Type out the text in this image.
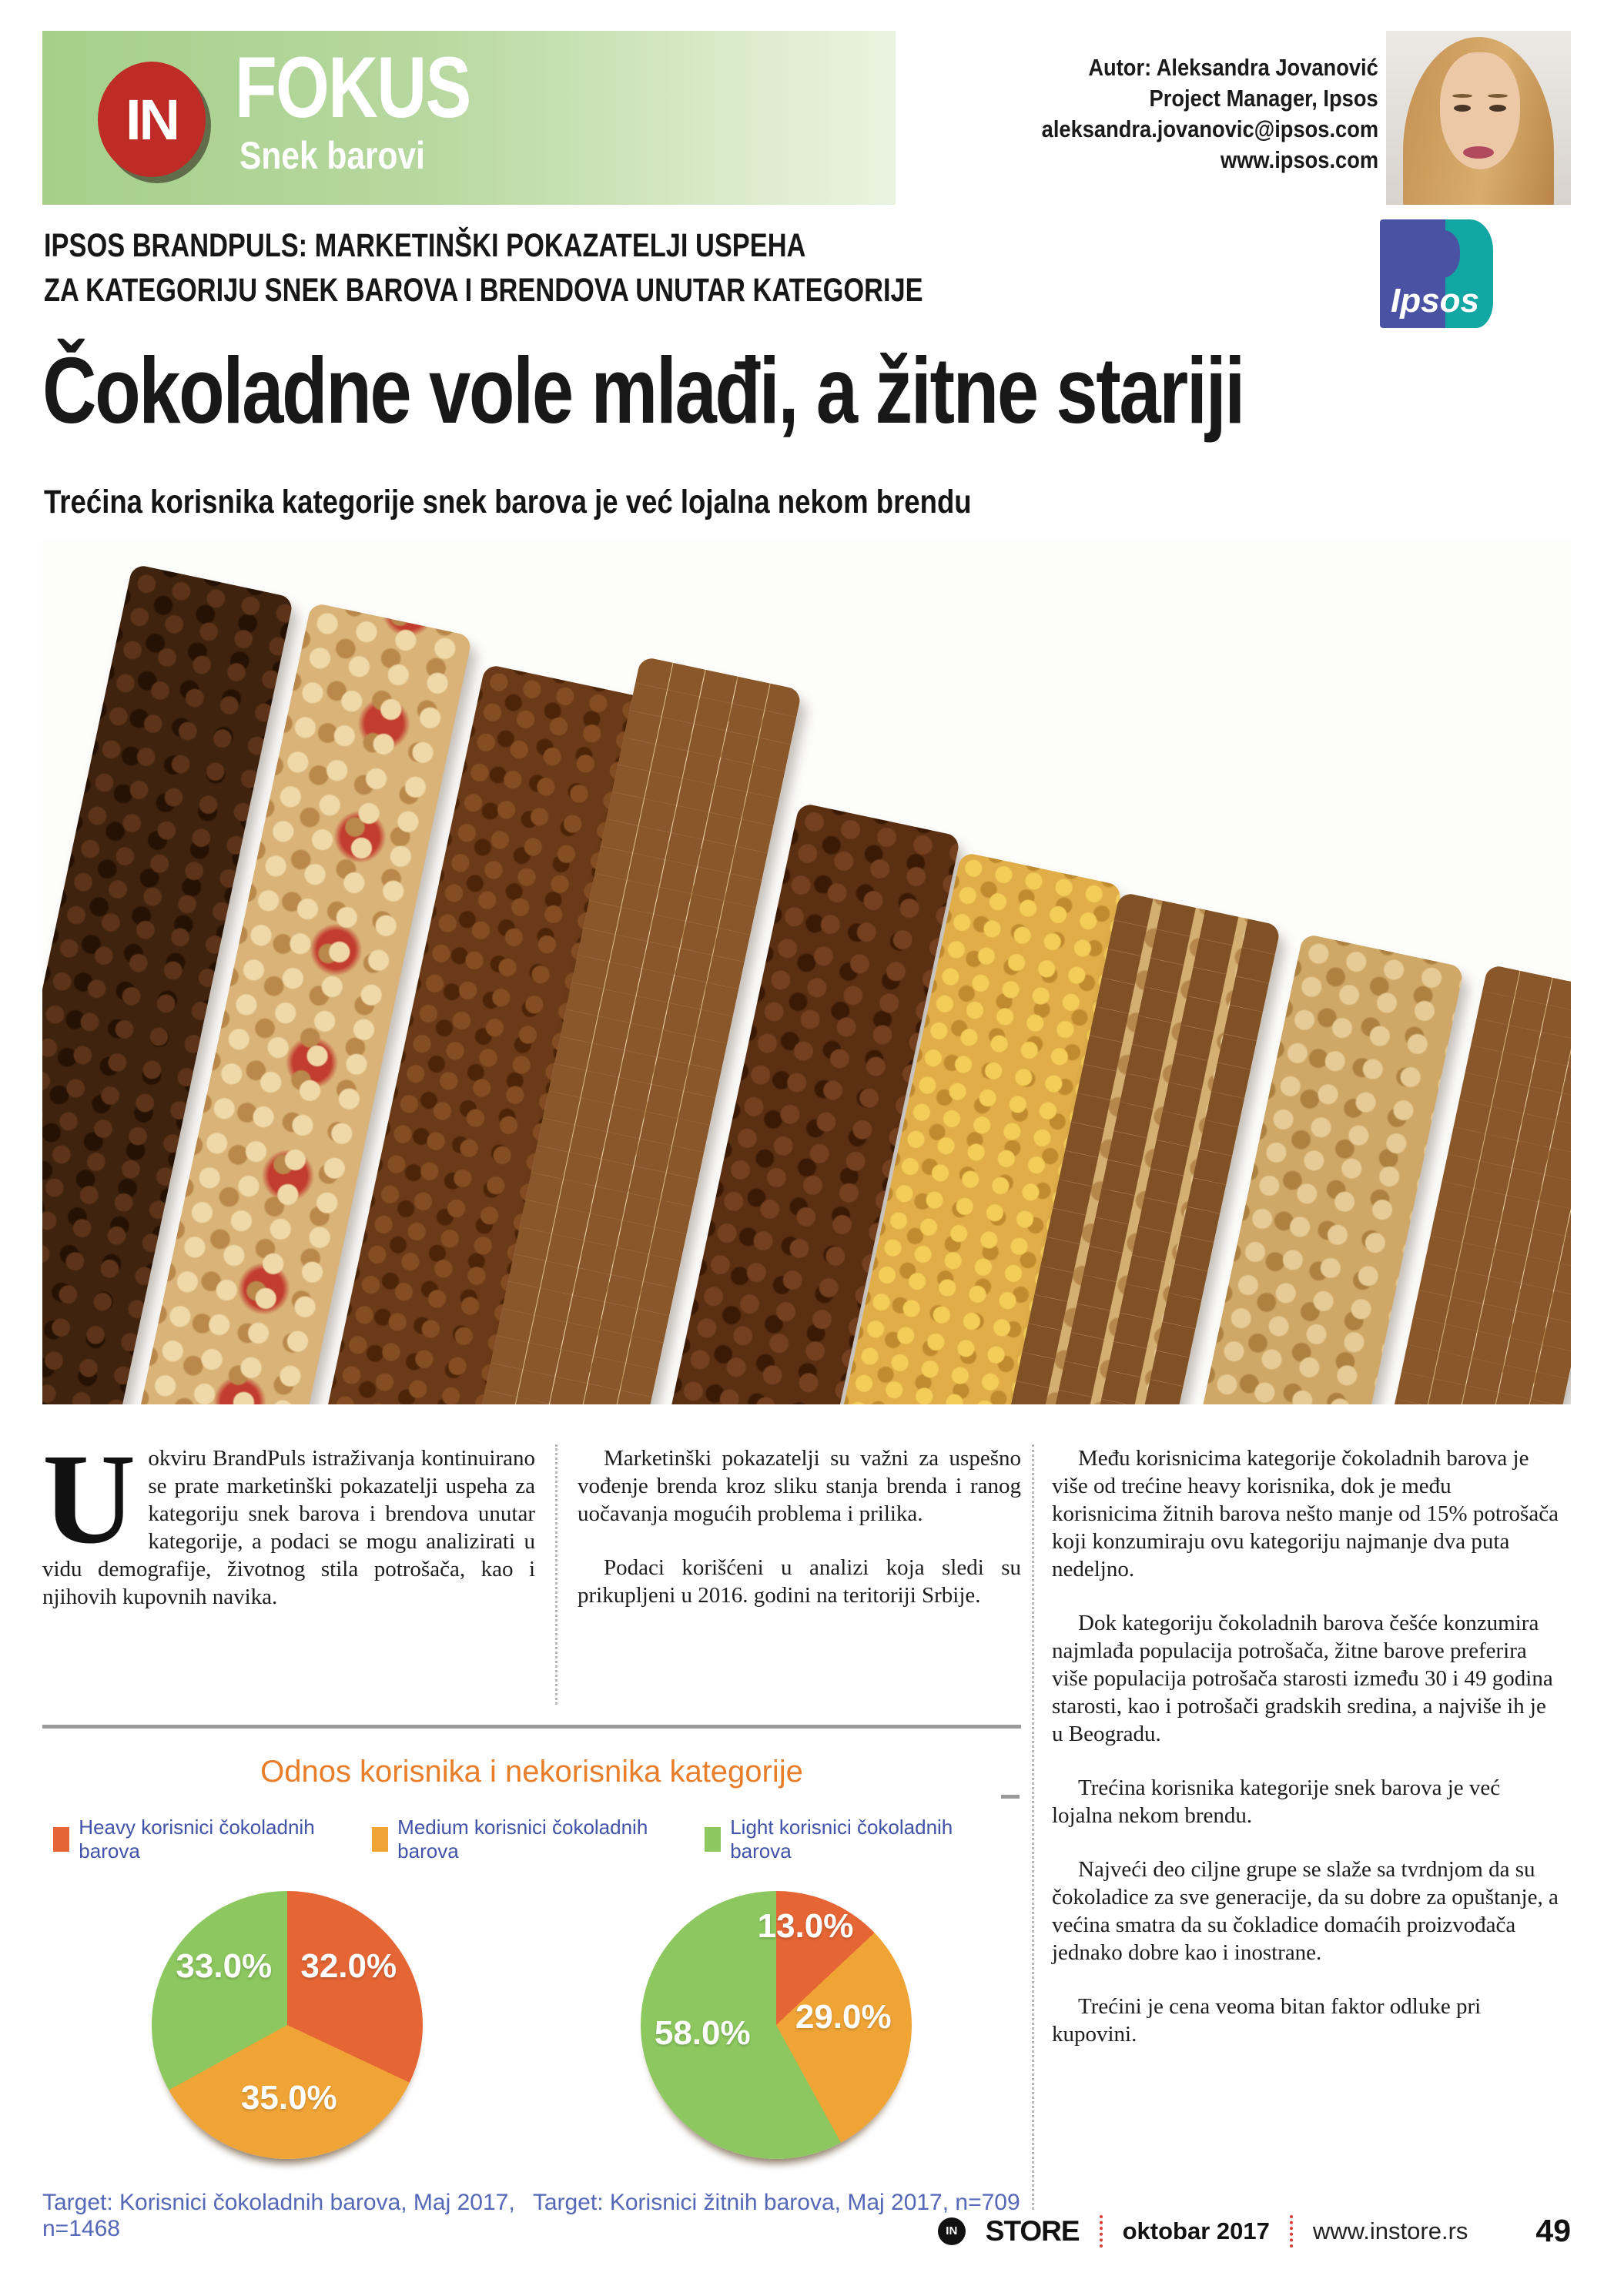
IN FOKUS
Snek barovi
Autor: Aleksandra Jovanović
Project Manager, Ipsos
aleksandra.jovanovic@ipsos.com
www.ipsos.com
IPSOS BRANDPULS: MARKETINŠKI POKAZATELJI USPEHA
ZA KATEGORIJU SNEK BAROVA I BRENDOVA UNUTAR KATEGORIJE	Ipsos
Čokoladne vole mlađi, a žitne stariji
Trećina korisnika kategorije snek barova je već lojalna nekom brendu

Uokviru BrandPuls istraživanja kontinuirano se prate marketinški pokazatelji uspeha za kategoriju snek barova i brendova unutar kategorije, a podaci se mogu analizirati u vidu demografije, životnog stila potrošača, kao i njihovih kupovnih navika.

Marketinški pokazatelji su važni za uspešno vođenje brenda kroz sliku stanja brenda i ranog uočavanja mogućih problema i prilika.

Podaci korišćeni u analizi koja sledi su prikupljeni u 2016. godini na teritoriji Srbije.

Odnos korisnika i nekorisnika kategorije
Heavy korisnici čokoladnih barova
Medium korisnici čokoladnih barova
Light korisnici čokoladnih barova
33.0% 32.0%
35.0%
Target: Korisnici čokoladnih barova, Maj 2017, n=1468
13.0%
29.0%
58.0%
Target: Korisnici žitnih barova, Maj 2017, n=709

Među korisnicima kategorije čokoladnih barova je više od trećine heavy korisnika, dok je među korisnicima žitnih barova nešto manje od 15% potrošača koji konzumiraju ovu kategoriju najmanje dva puta nedeljno.

Dok kategoriju čokoladnih barova češće konzumira najmlađa populacija potrošača, žitne barove preferira više populacija potrošača starosti između 30 i 49 godina starosti, kao i potrošači gradskih sredina, a najviše ih je u Beogradu.

Trećina korisnika kategorije snek barova je već lojalna nekom brendu.

Najveći deo ciljne grupe se slaže sa tvrdnjom da su čokoladice za sve generacije, da su dobre za opuštanje, a većina smatra da su čokladice domaćih proizvođača jednako dobre kao i inostrane.

Trećini je cena veoma bitan faktor odluke pri kupovini.

IN STORE oktobar 2017 www.instore.rs 49
